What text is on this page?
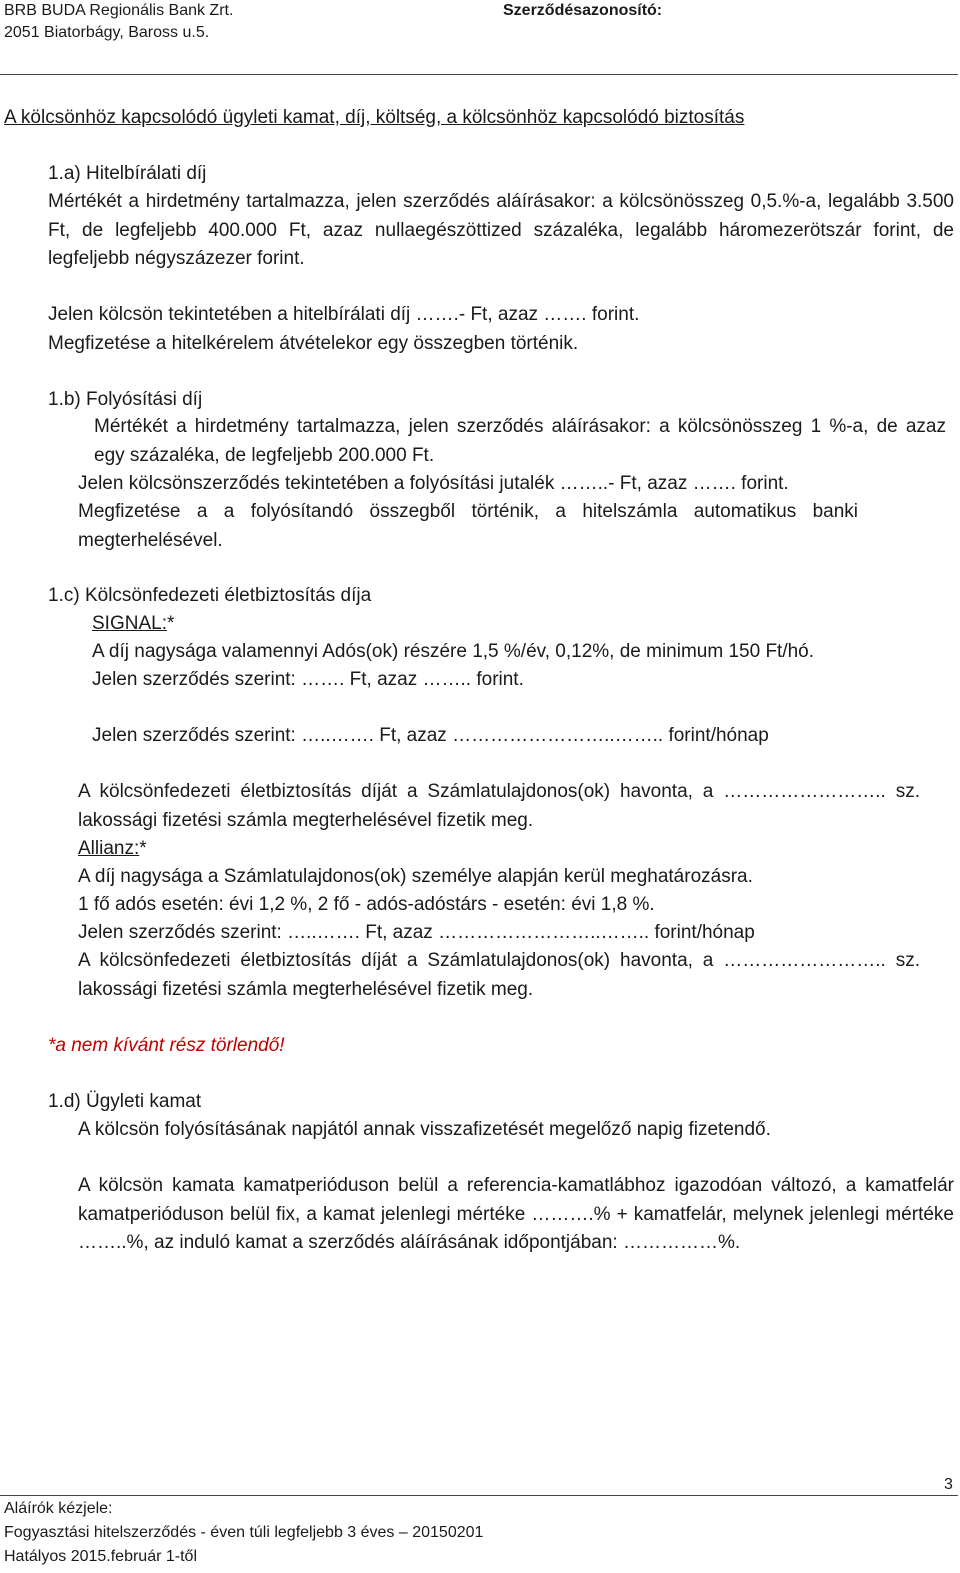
BRB BUDA Regionális Bank Zrt.
2051 Biatorbágy, Baross u.5.
Szerződésazonosító:
A kölcsönhöz kapcsolódó ügyleti kamat, díj, költség, a kölcsönhöz kapcsolódó biztosítás
1.a) Hitelbírálati díj
Mértékét a hirdetmény tartalmazza, jelen szerződés aláírásakor: a kölcsönösszeg 0,5.%-a, legalább 3.500 Ft, de legfeljebb 400.000 Ft, azaz nullaegészöttized százaléka, legalább háromezerötszár forint, de legfeljebb négyszázezer forint.
Jelen kölcsön tekintetében a hitelbírálati díj …….- Ft, azaz ……. forint.
Megfizetése a hitelkérelem átvételekor egy összegben történik.
1.b) Folyósítási díj
Mértékét a hirdetmény tartalmazza, jelen szerződés aláírásakor: a kölcsönösszeg 1 %-a, de azaz egy százaléka, de legfeljebb 200.000 Ft.
Jelen kölcsönszerződés tekintetében a folyósítási jutalék ……..- Ft, azaz ……. forint.
Megfizetése a a folyósítandó összegből történik, a hitelszámla automatikus banki megterhelésével.
1.c) Kölcsönfedezeti életbiztosítás díja
SIGNAL:*
A díj nagysága valamennyi Adós(ok) részére 1,5 %/év, 0,12%, de minimum 150 Ft/hó.
Jelen szerződés szerint: ……. Ft, azaz …….. forint.
Jelen szerződés szerint: …..……. Ft, azaz ……………………..…….. forint/hónap
A kölcsönfedezeti életbiztosítás díját a Számlatulajdonos(ok) havonta, a …………………….. sz. lakossági fizetési számla megterhelésével fizetik meg.
Allianz:*
A díj nagysága a Számlatulajdonos(ok) személye alapján kerül meghatározásra.
1 fő adós esetén: évi 1,2 %, 2 fő - adós-adóstárs - esetén: évi 1,8 %.
Jelen szerződés szerint: …..……. Ft, azaz ……………………..…….. forint/hónap
A kölcsönfedezeti életbiztosítás díját a Számlatulajdonos(ok) havonta, a …………………….. sz. lakossági fizetési számla megterhelésével fizetik meg.
*a nem kívánt rész törlendő!
1.d) Ügyleti kamat
A kölcsön folyósításának napjától annak visszafizetését megelőző napig fizetendő.
A kölcsön kamata kamatperióduson belül a referencia-kamatlábhoz igazodóan változó, a kamatfelár kamatperióduson belül fix, a kamat jelenlegi mértéke ……….% + kamatfelár, melynek jelenlegi mértéke ……..%, az induló kamat a szerződés aláírásának időpontjában: ……………%.
3
Aláírók kézjele:
Fogyasztási hitelszerződés - éven túli legfeljebb 3 éves – 20150201
Hatályos 2015.február 1-től
